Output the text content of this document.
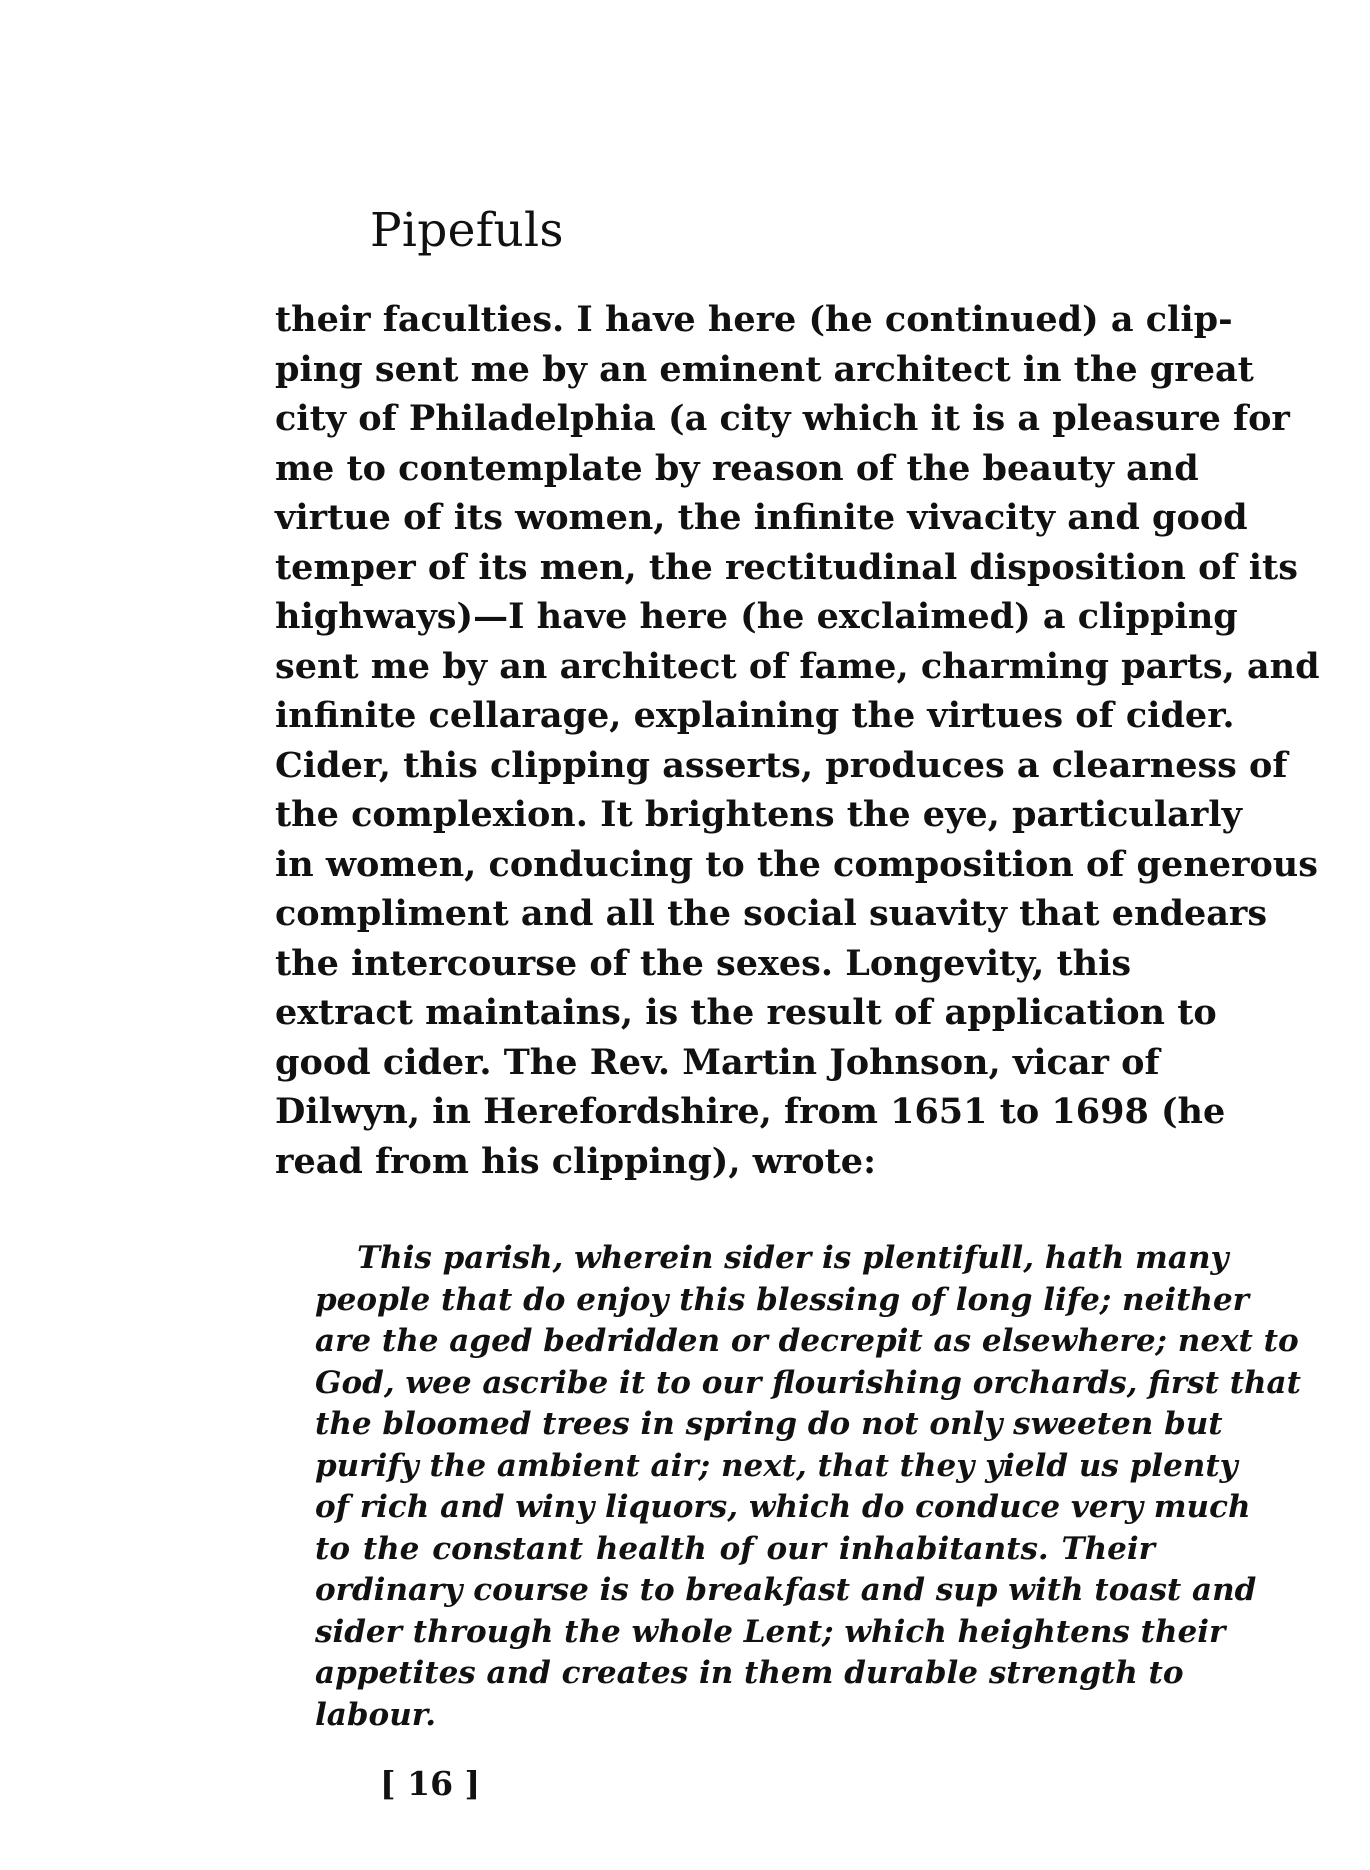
Pipefuls
their faculties. I have here (he continued) a clip-
ping sent me by an eminent architect in the great
city of Philadelphia (a city which it is a pleasure for
me to contemplate by reason of the beauty and
virtue of its women, the infinite vivacity and good
temper of its men, the rectitudinal disposition of its
highways)—I have here (he exclaimed) a clipping
sent me by an architect of fame, charming parts, and
infinite cellarage, explaining the virtues of cider.
Cider, this clipping asserts, produces a clearness of
the complexion. It brightens the eye, particularly
in women, conducing to the composition of generous
compliment and all the social suavity that endears
the intercourse of the sexes. Longevity, this
extract maintains, is the result of application to
good cider. The Rev. Martin Johnson, vicar of
Dilwyn, in Herefordshire, from 1651 to 1698 (he
read from his clipping), wrote:
This parish, wherein sider is plentifull, hath many
people that do enjoy this blessing of long life; neither
are the aged bedridden or decrepit as elsewhere; next to
God, wee ascribe it to our flourishing orchards, first that
the bloomed trees in spring do not only sweeten but
purify the ambient air; next, that they yield us plenty
of rich and winy liquors, which do conduce very much
to the constant health of our inhabitants. Their
ordinary course is to breakfast and sup with toast and
sider through the whole Lent; which heightens their
appetites and creates in them durable strength to
labour.
[ 16 ]
